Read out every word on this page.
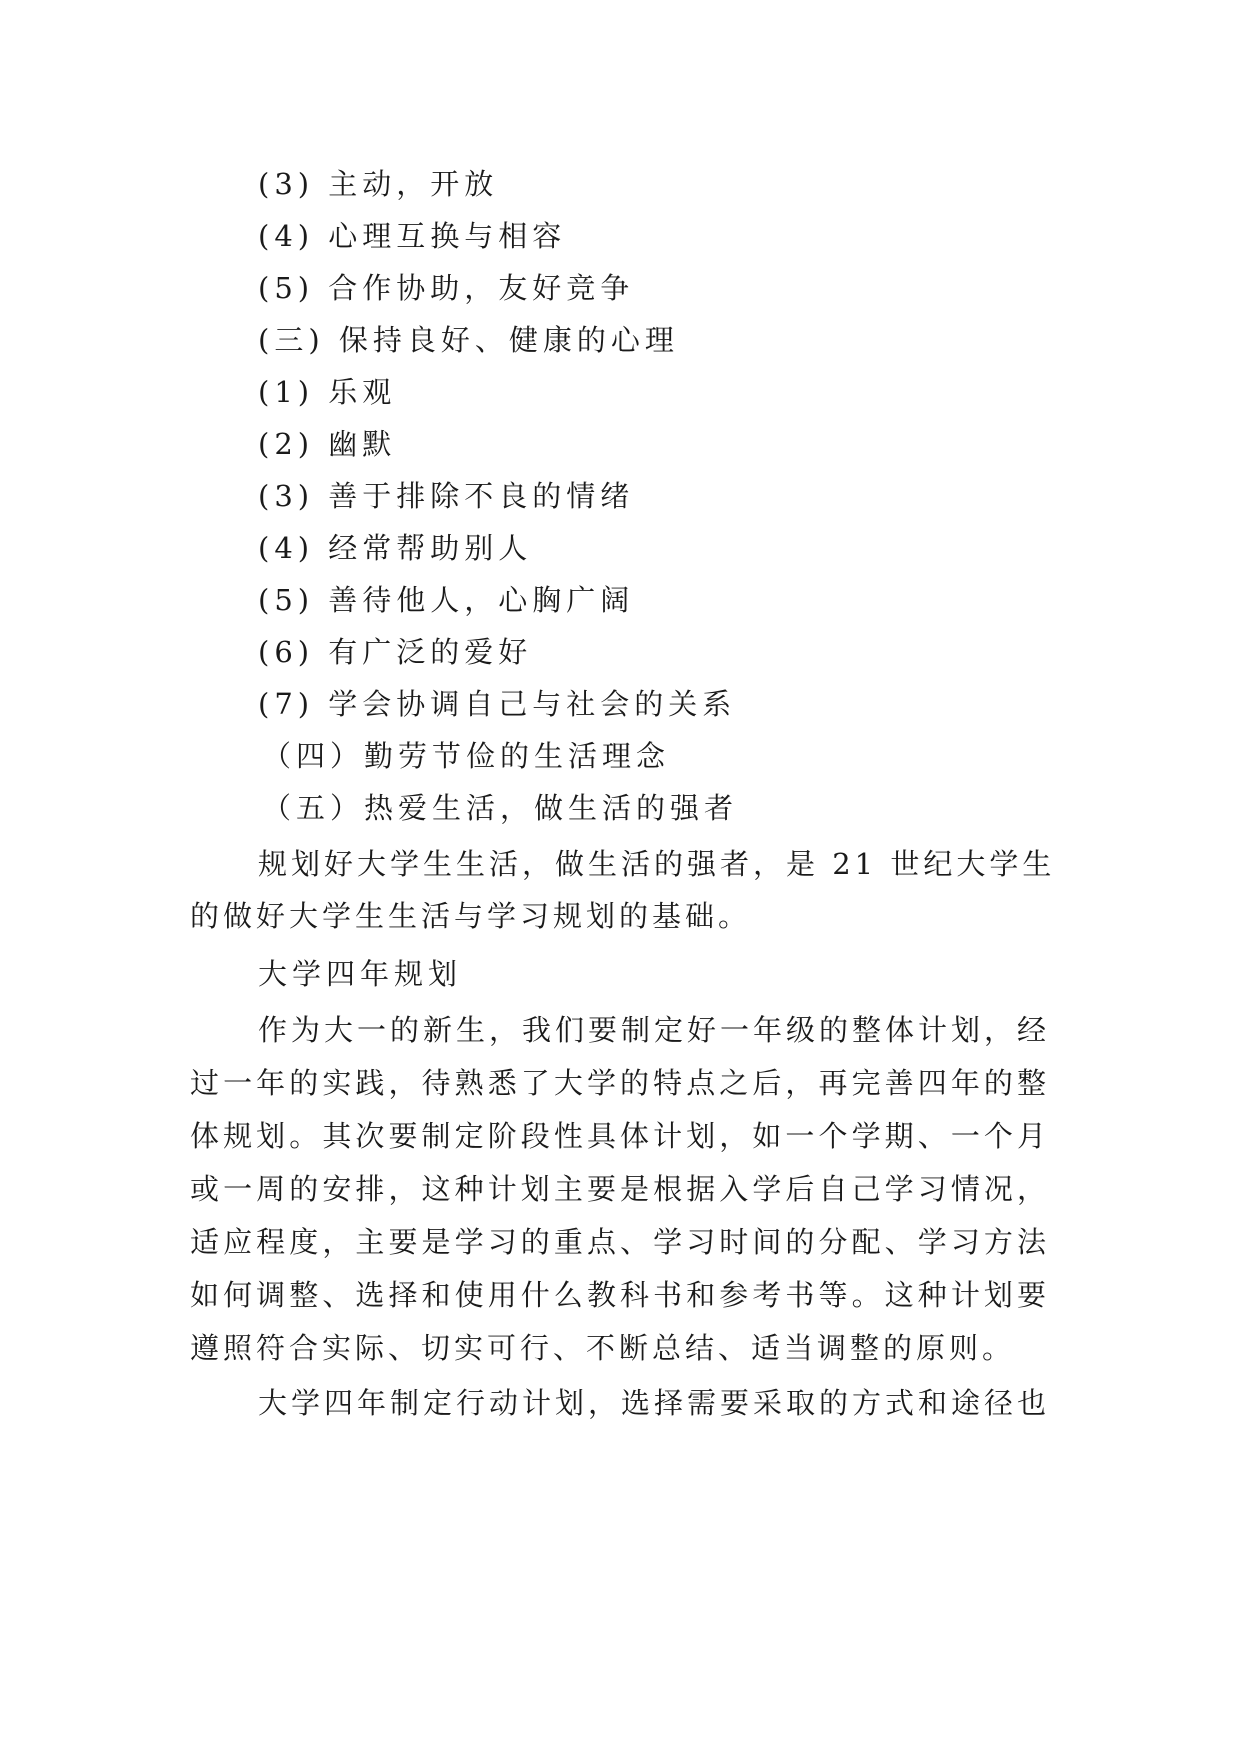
(3) 主动，开放
(4) 心理互换与相容
(5) 合作协助，友好竞争
(三) 保持良好、健康的心理
(1) 乐观
(2) 幽默
(3) 善于排除不良的情绪
(4) 经常帮助别人
(5) 善待他人，心胸广阔
(6) 有广泛的爱好
(7) 学会协调自己与社会的关系
（四）勤劳节俭的生活理念
（五）热爱生活，做生活的强者
规划好大学生生活，做生活的强者，是 21 世纪大学生
的做好大学生生活与学习规划的基础。
大学四年规划
作为大一的新生，我们要制定好一年级的整体计划，经
过一年的实践，待熟悉了大学的特点之后，再完善四年的整
体规划。其次要制定阶段性具体计划，如一个学期、一个月
或一周的安排，这种计划主要是根据入学后自己学习情况，
适应程度，主要是学习的重点、学习时间的分配、学习方法
如何调整、选择和使用什么教科书和参考书等。这种计划要
遵照符合实际、切实可行、不断总结、适当调整的原则。
大学四年制定行动计划，选择需要采取的方式和途径也
